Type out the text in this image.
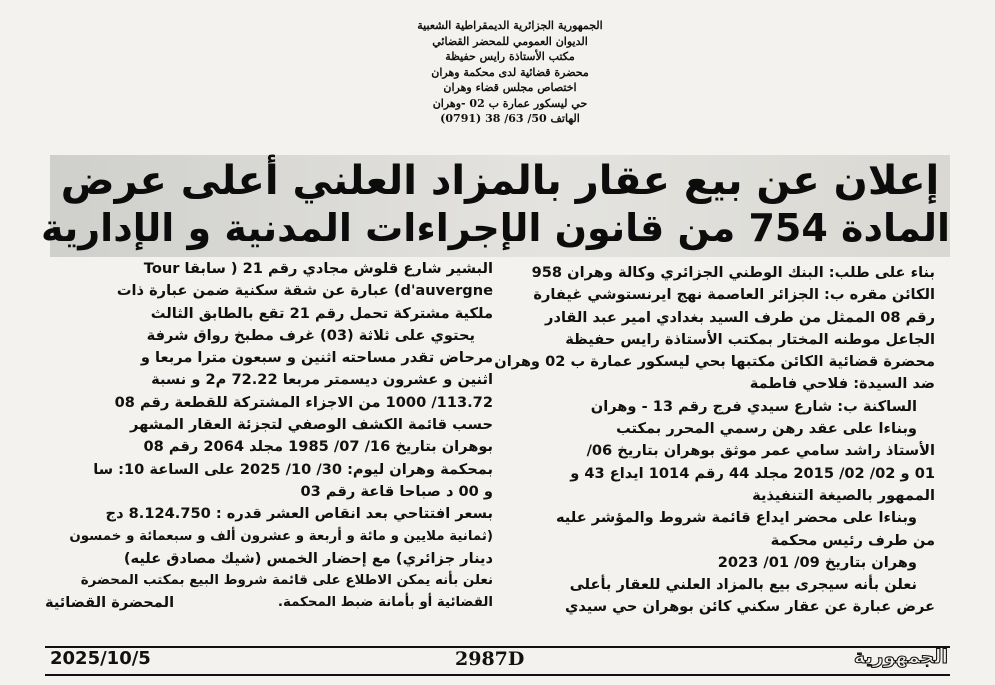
الجمهورية الجزائرية الديمقراطية الشعبية
الديوان العمومي للمحضر القضائي
مكتب الأستاذة رايس حفيظة
محضرة قضائية لدى محكمة وهران
اختصاص مجلس قضاء وهران
حي ليسكور عمارة ب 02 -وهران
الهاتف 50/ 63/ 38 (0791)
إعلان عن بيع عقار بالمزاد العلني أعلى عرض
المادة 754 من قانون الإجراءات المدنية و الإدارية
بناء على طلب: البنك الوطني الجزائري وكالة وهران 958
الكائن مقره ب: الجزائر العاصمة نهج ايرنستوشي غيفارة
رقم 08 الممثل من طرف السيد بغدادي امير عبد القادر
الجاعل موطنه المختار بمكتب الأستاذة رايس حفيظة
محضرة قضائية الكائن مكتبها بحي ليسكور عمارة ب 02 وهران
ضد السيدة: فلاحي فاطمة
الساكنة ب: شارع سيدي فرج رقم 13 - وهران
وبناءا على عقد رهن رسمي المحرر بمكتب
الأستاذ راشد سامي عمر موثق بوهران بتاريخ 06/
01 و 02/ 02/ 2015 مجلد 44 رقم 1014 ايداع 43 و
الممهور بالصيغة التنفيذية
وبناءا على محضر ايداع قائمة شروط والمؤشر عليه
من طرف رئيس محكمة
وهران بتاريخ 09/ 01/ 2023
نعلن بأنه سيجرى بيع بالمزاد العلني للعقار بأعلى
عرض عبارة عن عقار سكني كائن بوهران حي سيدي
البشير شارع قلوش مجادي رقم 21 ( سابقا Tour
d'auvergne) عبارة عن شقة سكنية ضمن عبارة ذات
ملكية مشتركة تحمل رقم 21 تقع بالطابق الثالث
يحتوي على ثلاثة (03) غرف مطبخ رواق شرفة
مرحاض تقدر مساحته اثنين و سبعون مترا مربعا و
اثنين و عشرون ديسمتر مربعا 72.22 م2 و نسبة
113.72/ 1000 من الاجزاء المشتركة للقطعة رقم 08
حسب قائمة الكشف الوصفي لتجزئة العقار المشهر
بوهران بتاريخ 16/ 07/ 1985 مجلد 2064 رقم 08
بمحكمة وهران ليوم: 30/ 10/ 2025 على الساعة 10: سا
و 00 د صباحا قاعة رقم 03
بسعر افتتاحي بعد انقاص العشر قدره : 8.124.750 دج
(ثمانية ملايين و مائة و أربعة و عشرون ألف و سبعمائة و خمسون
دينار جزائري) مع إحضار الخمس (شيك مصادق عليه)
نعلن بأنه يمكن الاطلاع على قائمة شروط البيع بمكتب المحضرة
القضائية أو بأمانة ضبط المحكمة.
المحضرة القضائية
2025/10/5	2987D	الجمهورية
